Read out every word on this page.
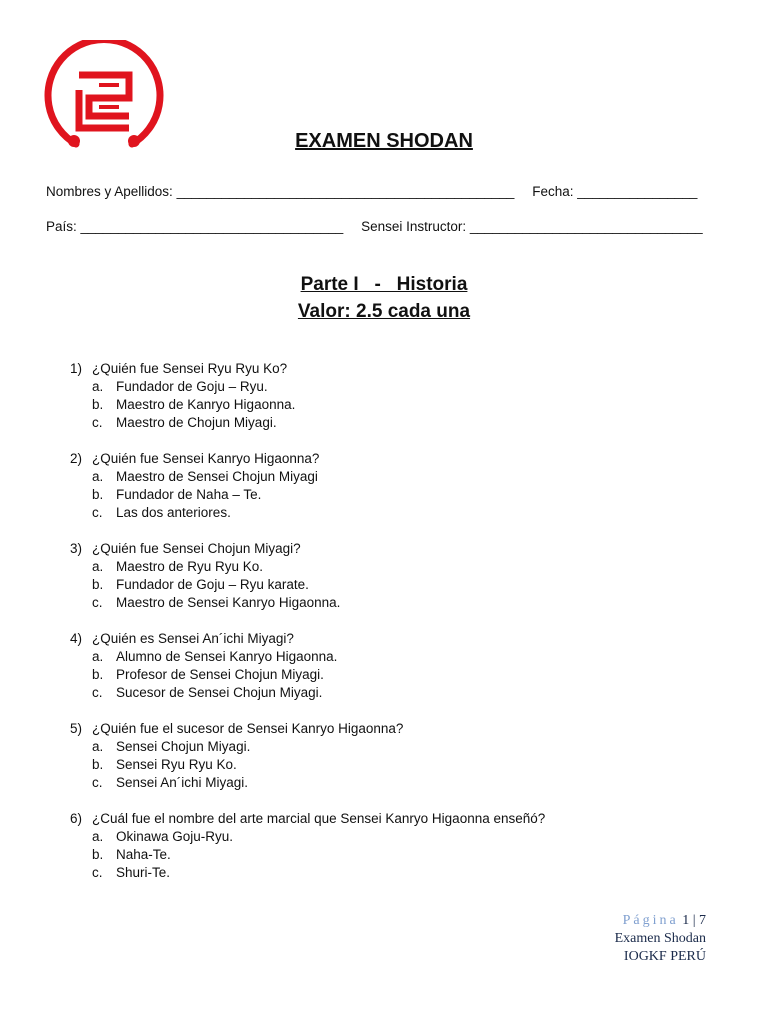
EXAMEN SHODAN
Nombres y Apellidos: _____________________________________________ Fecha: ________________
País: ___________________________________ Sensei Instructor: _______________________________
Parte I   -   Historia
Valor: 2.5 cada una
1) ¿Quién fue Sensei Ryu Ryu Ko?
a. Fundador de Goju – Ryu.
b. Maestro de Kanryo Higaonna.
c. Maestro de Chojun Miyagi.
2) ¿Quién fue Sensei Kanryo Higaonna?
a. Maestro de Sensei Chojun Miyagi
b. Fundador de Naha – Te.
c. Las dos anteriores.
3) ¿Quién fue Sensei Chojun Miyagi?
a. Maestro de Ryu Ryu Ko.
b. Fundador de Goju – Ryu karate.
c. Maestro de Sensei Kanryo Higaonna.
4) ¿Quién es Sensei An´ichi Miyagi?
a. Alumno de Sensei Kanryo Higaonna.
b. Profesor de Sensei Chojun Miyagi.
c. Sucesor de Sensei Chojun Miyagi.
5) ¿Quién fue el sucesor de Sensei Kanryo Higaonna?
a. Sensei Chojun Miyagi.
b. Sensei Ryu Ryu Ko.
c. Sensei An´ichi Miyagi.
6) ¿Cuál fue el nombre del arte marcial que Sensei Kanryo Higaonna enseñó?
a. Okinawa Goju-Ryu.
b. Naha-Te.
c. Shuri-Te.
Página 1 | 7
Examen Shodan
IOGKF PERÚ
